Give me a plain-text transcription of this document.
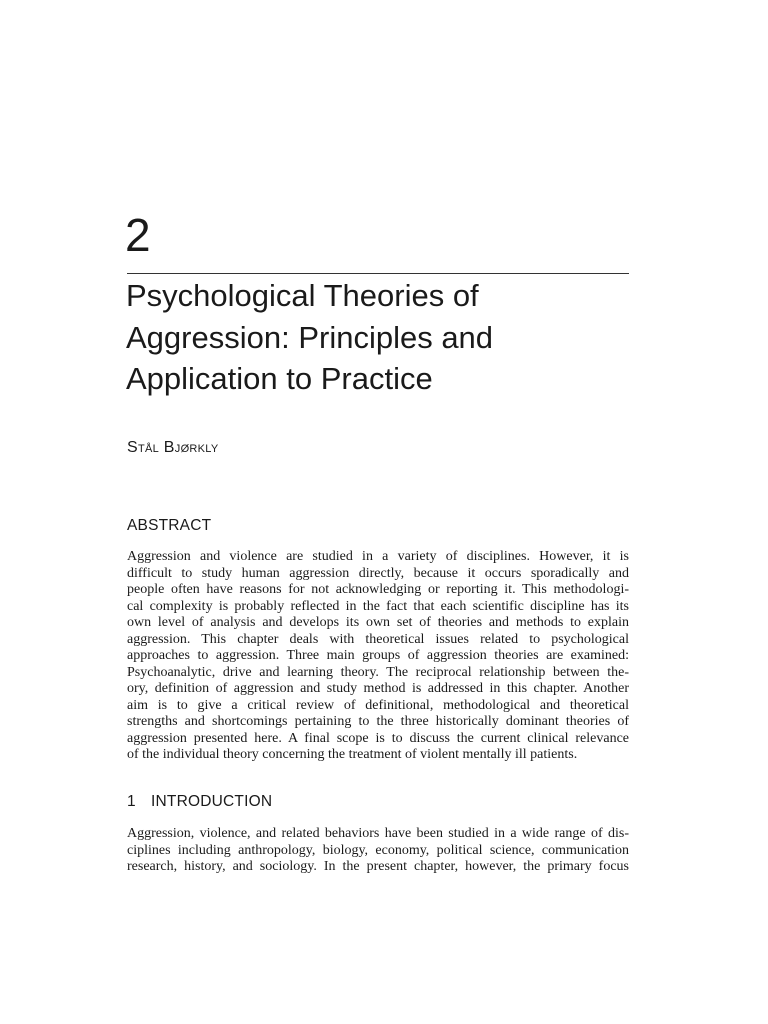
2
Psychological Theories of
Aggression: Principles and
Application to Practice

Stål Bjørkly

ABSTRACT
Aggression and violence are studied in a variety of disciplines. However, it is
difficult to study human aggression directly, because it occurs sporadically and
people often have reasons for not acknowledging or reporting it. This methodologi-
cal complexity is probably reflected in the fact that each scientific discipline has its
own level of analysis and develops its own set of theories and methods to explain
aggression. This chapter deals with theoretical issues related to psychological
approaches to aggression. Three main groups of aggression theories are examined:
Psychoanalytic, drive and learning theory. The reciprocal relationship between the-
ory, definition of aggression and study method is addressed in this chapter. Another
aim is to give a critical review of definitional, methodological and theoretical
strengths and shortcomings pertaining to the three historically dominant theories of
aggression presented here. A final scope is to discuss the current clinical relevance
of the individual theory concerning the treatment of violent mentally ill patients.
1 INTRODUCTION
Aggression, violence, and related behaviors have been studied in a wide range of dis-
ciplines including anthropology, biology, economy, political science, communication
research, history, and sociology. In the present chapter, however, the primary focus
